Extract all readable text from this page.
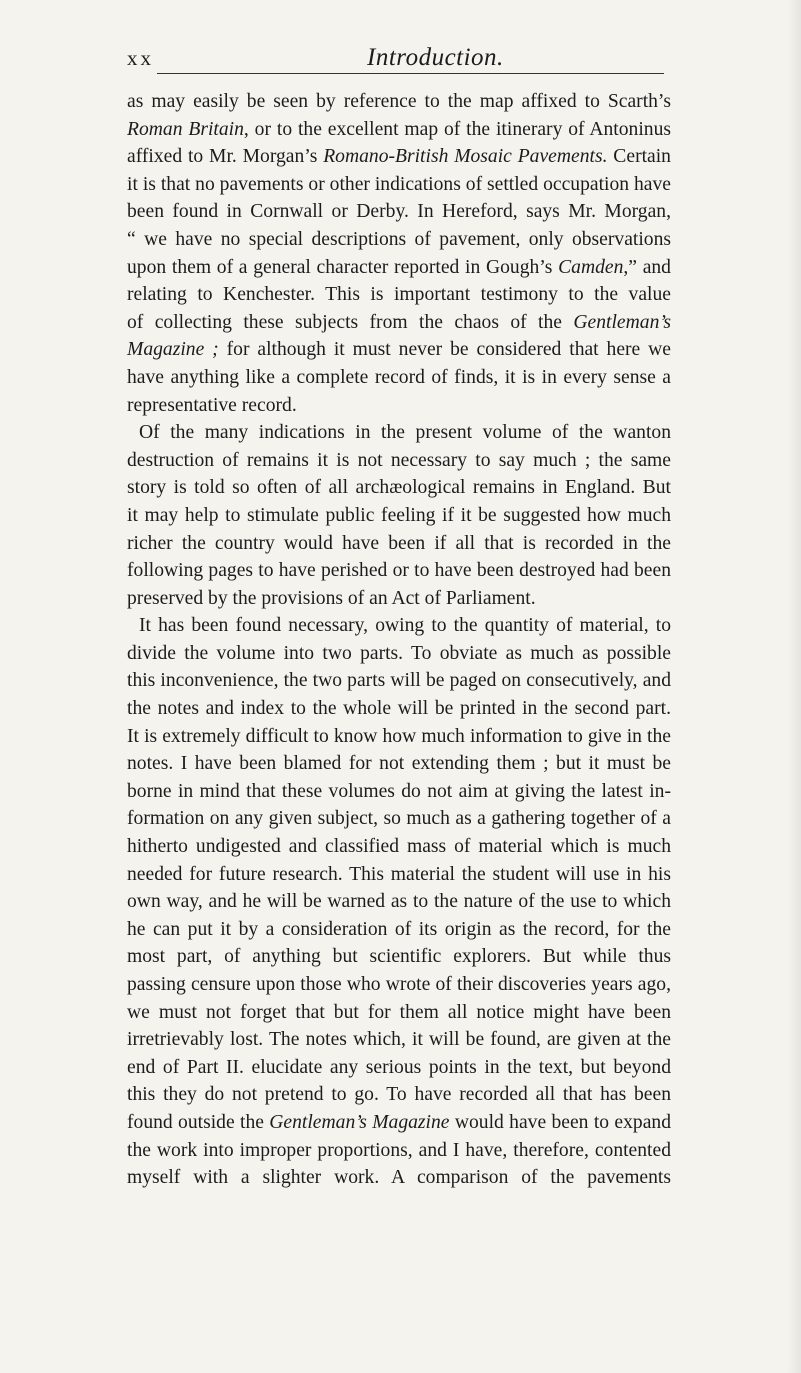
xx	Introduction.
as may easily be seen by reference to the map affixed to Scarth’s
Roman Britain, or to the excellent map of the itinerary of Antoninus
affixed to Mr. Morgan’s Romano-British Mosaic Pavements. Certain
it is that no pavements or other indications of settled occupation have
been found in Cornwall or Derby. In Hereford, says Mr. Morgan,
“ we have no special descriptions of pavement, only observations
upon them of a general character reported in Gough’s Camden,” and
relating to Kenchester. This is important testimony to the value
of collecting these subjects from the chaos of the Gentleman’s
Magazine ; for although it must never be considered that here we
have anything like a complete record of finds, it is in every sense a
representative record.
Of the many indications in the present volume of the wanton
destruction of remains it is not necessary to say much ; the same
story is told so often of all archæological remains in England. But
it may help to stimulate public feeling if it be suggested how much
richer the country would have been if all that is recorded in the
following pages to have perished or to have been destroyed had been
preserved by the provisions of an Act of Parliament.
It has been found necessary, owing to the quantity of material, to
divide the volume into two parts. To obviate as much as possible
this inconvenience, the two parts will be paged on consecutively, and
the notes and index to the whole will be printed in the second part.
It is extremely difficult to know how much information to give in the
notes. I have been blamed for not extending them ; but it must be
borne in mind that these volumes do not aim at giving the latest in-
formation on any given subject, so much as a gathering together of a
hitherto undigested and classified mass of material which is much
needed for future research. This material the student will use in his
own way, and he will be warned as to the nature of the use to which
he can put it by a consideration of its origin as the record, for the
most part, of anything but scientific explorers. But while thus
passing censure upon those who wrote of their discoveries years ago,
we must not forget that but for them all notice might have been
irretrievably lost. The notes which, it will be found, are given at the
end of Part II. elucidate any serious points in the text, but beyond
this they do not pretend to go. To have recorded all that has been
found outside the Gentleman’s Magazine would have been to expand
the work into improper proportions, and I have, therefore, contented
myself with a slighter work. A comparison of the pavements
